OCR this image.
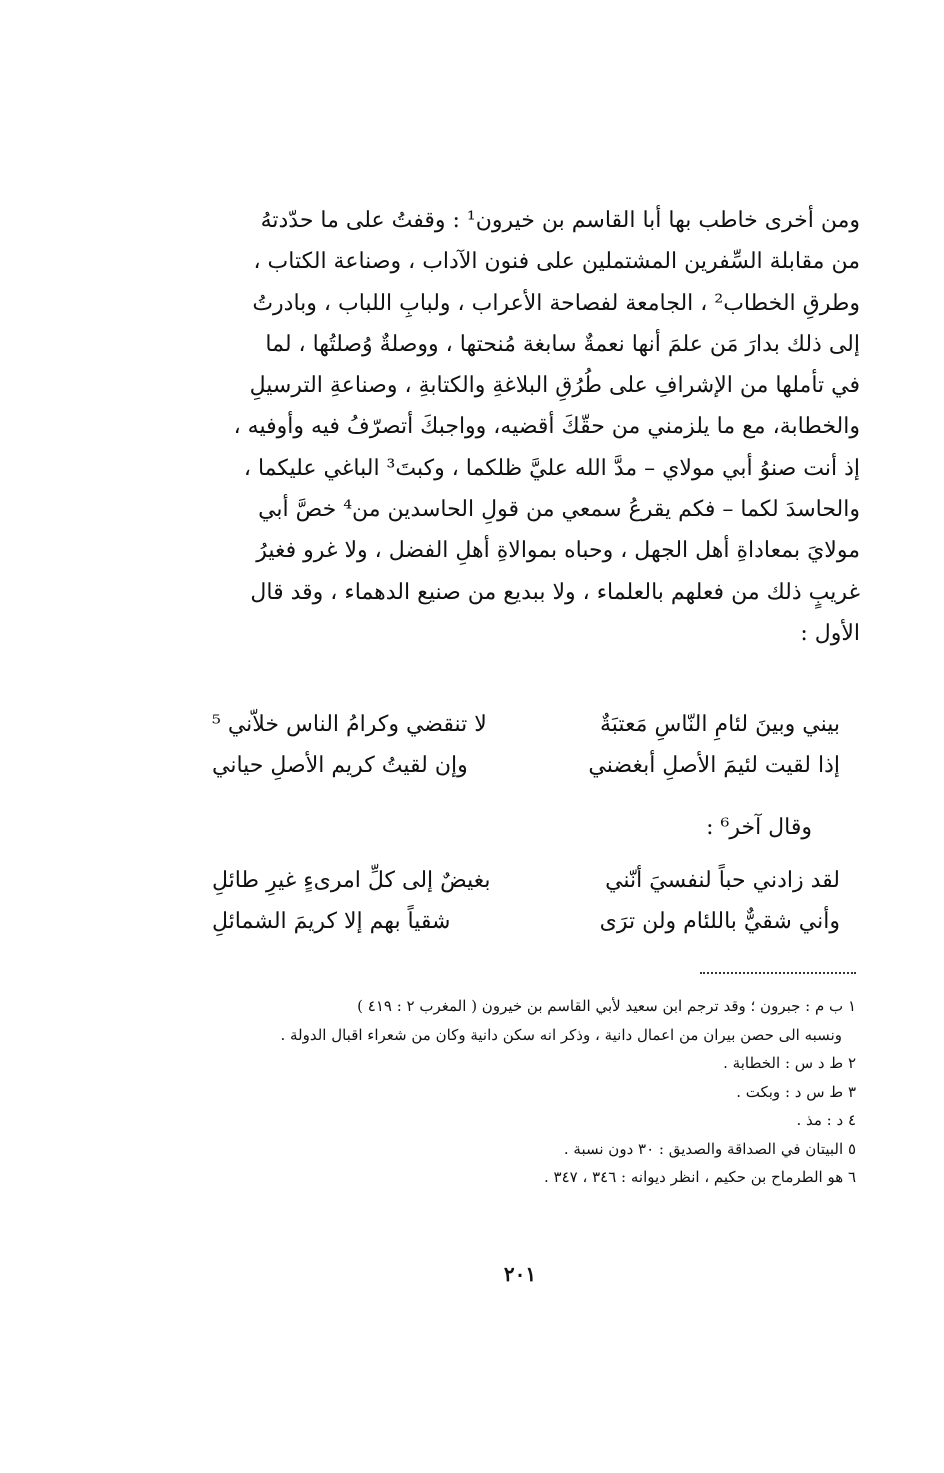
ومن أخرى خاطب بها أبا القاسم بن خيرون¹ : وقفتُ على ما حدّدتهُ

من مقابلة السِّفرين المشتملين على فنون الآداب ، وصناعة الكتاب ،

وطرقِ الخطاب² ، الجامعة لفصاحة الأعراب ، ولبابِ اللباب ، وبادرتُ

إلى ذلك بدارَ مَن علمَ أنها نعمةٌ سابغة مُنحتها ، ووصلةٌ وُصلتُها ، لما

في تأملها من الإشرافِ على طُرُقِ البلاغةِ والكتابةِ ، وصناعةِ الترسيلِ

والخطابة، مع ما يلزمني من حقّكَ أقضيه، وواجبكَ أتصرّفُ فيه وأوفيه ،

إذ أنت صنوُ أبي مولاي – مدَّ الله عليَّ ظلكما ، وكبتَ³ الباغي عليكما ،

والحاسدَ لكما – فكم يقرعُ سمعي من قولِ الحاسدين من⁴ خصَّ أبي

مولايَ بمعاداةِ أهل الجهل ، وحباه بموالاةِ أهلِ الفضل ، ولا غرو فغيرُ

غريبٍ ذلك من فعلهم بالعلماء ، ولا ببديع من صنيع الدهماء ، وقد قال

الأول :

بيني وبينَ لئامِ النّاسِ مَعتبَةٌ
لا تنقضي وكرامُ الناس خلاّني ⁵
إذا لقيت لئيمَ الأصلِ أبغضني
وإن لقيتُ كريم الأصلِ حياني
وقال آخر⁶ :
لقد زادني حباً لنفسيَ أنّني
بغيضٌ إلى كلِّ امرىءٍ غيرِ طائلِ
وأني شقيٌّ باللئام ولن ترَى
شقياً بهم إلا كريمَ الشمائلِ
١ ب م : جبرون ؛ وقد ترجم ابن سعيد لأبي القاسم بن خيرون ( المغرب ٢ : ٤١٩ )
ونسبه الى حصن بيران من اعمال دانية ، وذكر انه سكن دانية وكان من شعراء اقبال الدولة .
٢ ط د س : الخطابة .
٣ ط س د : وبكت .
٤ د : مذ .
٥ البيتان في الصداقة والصديق : ٣٠ دون نسبة .
٦ هو الطرماح بن حكيم ، انظر ديوانه : ٣٤٦ ، ٣٤٧ .
٢٠١
